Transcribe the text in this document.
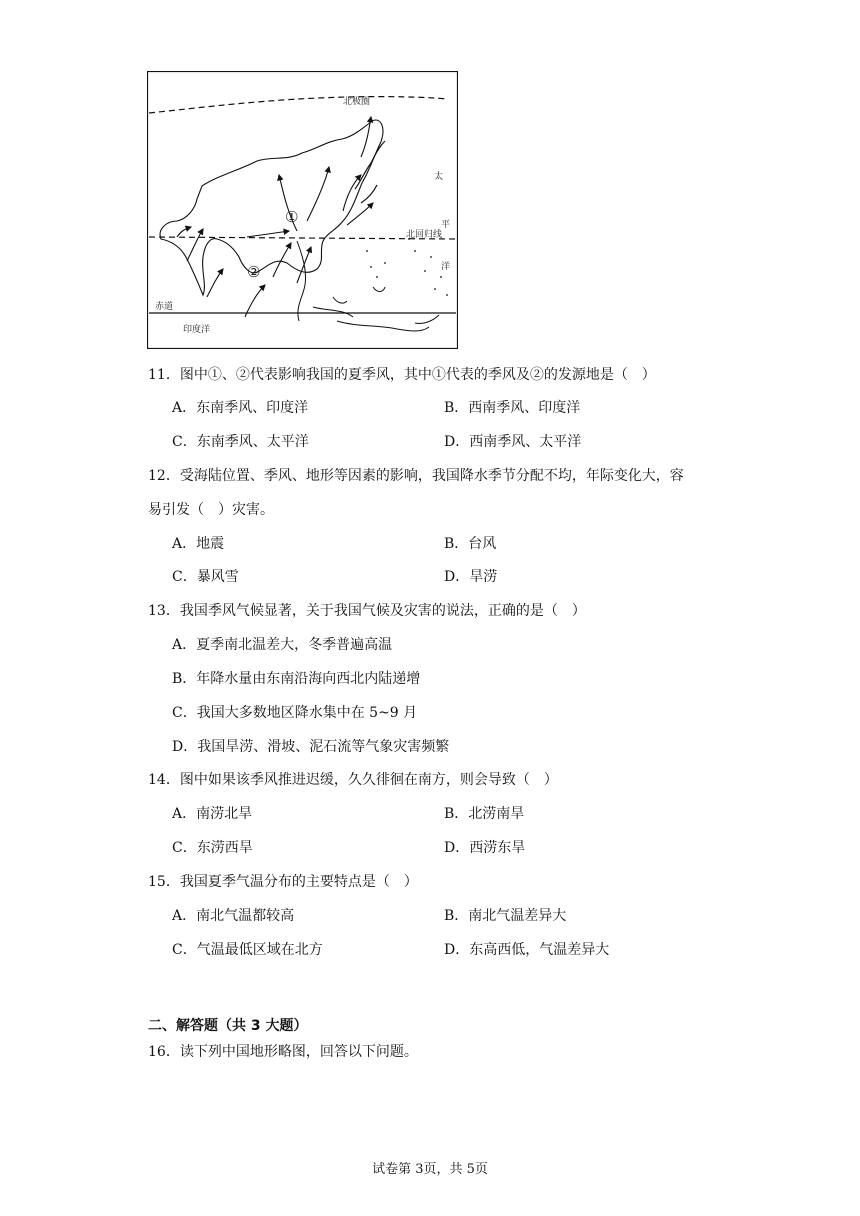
北极圈
北回归线
赤道
印度洋
太
平
洋
①
②
11．图中①、②代表影响我国的夏季风，其中①代表的季风及②的发源地是（　）
A．东南季风、印度洋	B．西南季风、印度洋
C．东南季风、太平洋	D．西南季风、太平洋
12．受海陆位置、季风、地形等因素的影响，我国降水季节分配不均，年际变化大，容
易引发（　）灾害。
A．地震	B．台风
C．暴风雪	D．旱涝
13．我国季风气候显著，关于我国气候及灾害的说法，正确的是（　）
A．夏季南北温差大，冬季普遍高温
B．年降水量由东南沿海向西北内陆递增
C．我国大多数地区降水集中在 5~9 月
D．我国旱涝、滑坡、泥石流等气象灾害频繁
14．图中如果该季风推进迟缓，久久徘徊在南方，则会导致（　）
A．南涝北旱	B．北涝南旱
C．东涝西旱	D．西涝东旱
15．我国夏季气温分布的主要特点是（　）
A．南北气温都较高	B．南北气温差异大
C．气温最低区域在北方	D．东高西低，气温差异大
二、解答题（共 3 大题）
16．读下列中国地形略图，回答以下问题。
试卷第 3页，共 5页
